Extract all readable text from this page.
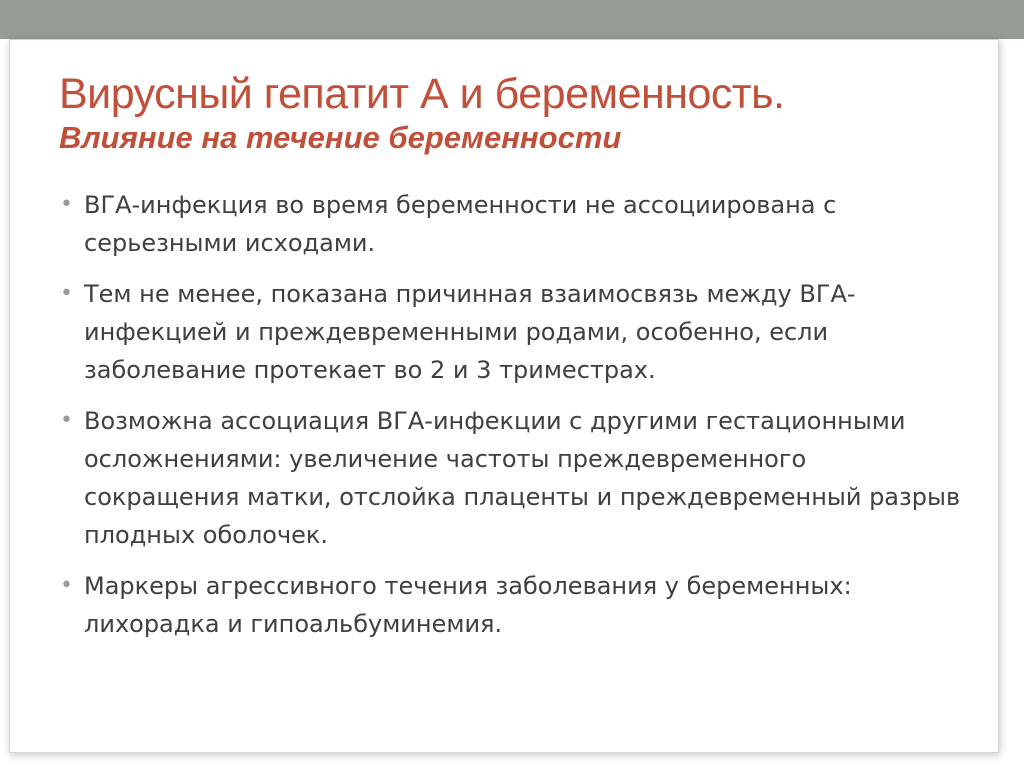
Вирусный гепатит А и беременность.
Влияние на течение беременности
• ВГА-инфекция во время беременности не ассоциирована с серьезными исходами.
• Тем не менее, показана причинная взаимосвязь между ВГА-инфекцией и преждевременными родами, особенно, если заболевание протекает во 2 и 3 триместрах.
• Возможна ассоциация ВГА-инфекции с другими гестационными осложнениями: увеличение частоты преждевременного сокращения матки, отслойка плаценты и преждевременный разрыв плодных оболочек.
• Маркеры агрессивного течения заболевания у беременных: лихорадка и гипоальбуминемия.
